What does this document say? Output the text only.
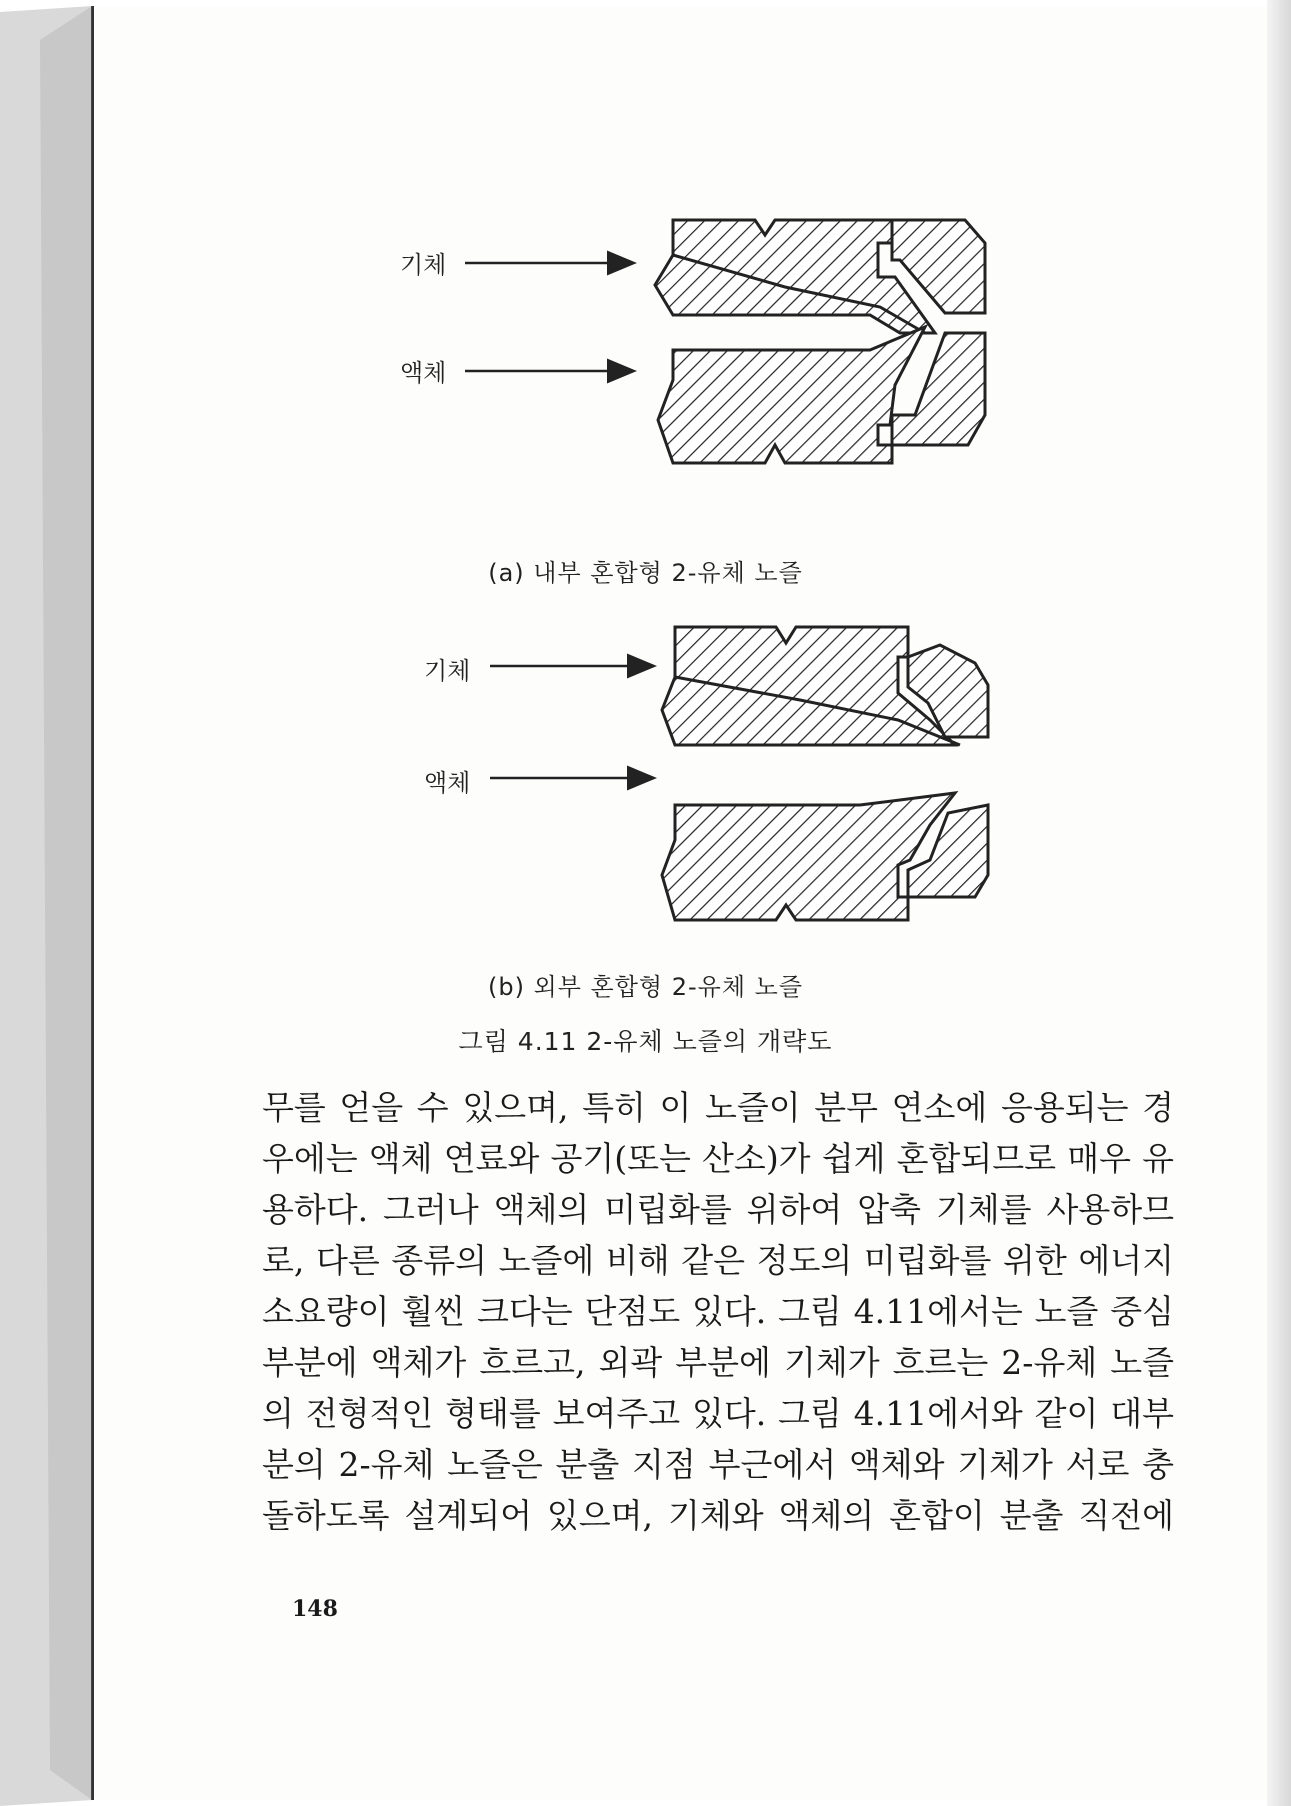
기체
액체
(a) 내부 혼합형 2-유체 노즐
기체
액체
(b) 외부 혼합형 2-유체 노즐
그림 4.11 2-유체 노즐의 개략도
무를 얻을 수 있으며, 특히 이 노즐이 분무 연소에 응용되는 경
우에는 액체 연료와 공기(또는 산소)가 쉽게 혼합되므로 매우 유
용하다. 그러나 액체의 미립화를 위하여 압축 기체를 사용하므
로, 다른 종류의 노즐에 비해 같은 정도의 미립화를 위한 에너지
소요량이 훨씬 크다는 단점도 있다. 그림 4.11에서는 노즐 중심
부분에 액체가 흐르고, 외곽 부분에 기체가 흐르는 2-유체 노즐
의 전형적인 형태를 보여주고 있다. 그림 4.11에서와 같이 대부
분의 2-유체 노즐은 분출 지점 부근에서 액체와 기체가 서로 충
돌하도록 설계되어 있으며, 기체와 액체의 혼합이 분출 직전에
148
